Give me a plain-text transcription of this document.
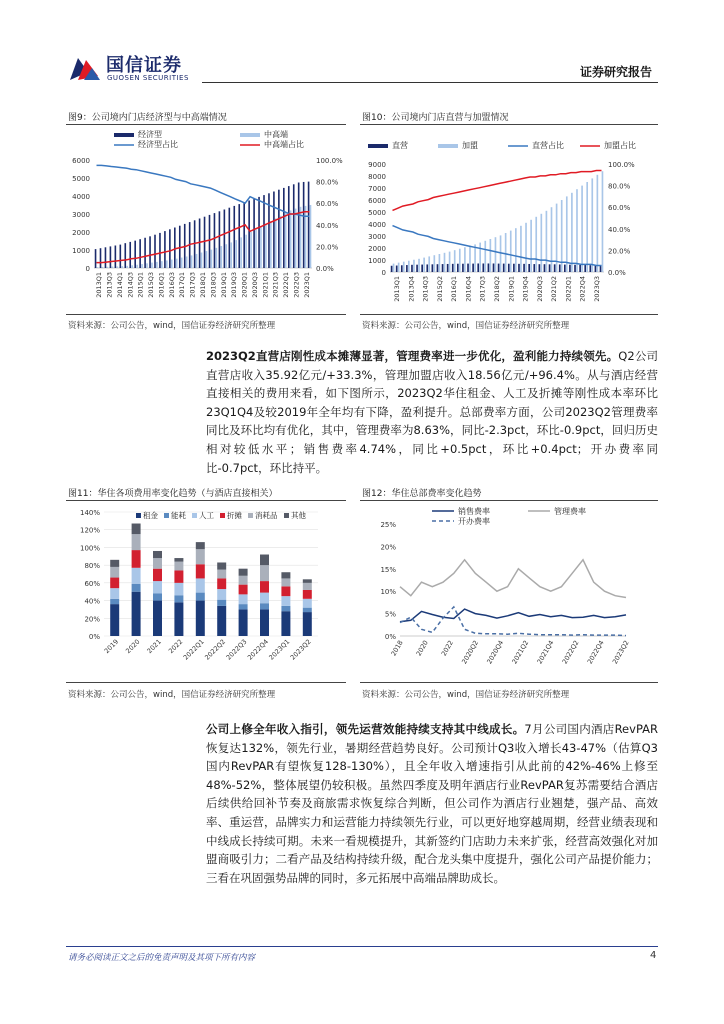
国信证券
GUOSEN SECURITIES	证券研究报告
图9：公司境内门店经济型与中高端情况
0
1000
2000
3000
4000
5000
6000
0.0%
20.0%
40.0%
60.0%
80.0%
100.0%
2013Q1 2013Q3 2014Q1 2014Q3 2015Q1 2015Q3 2016Q1 2016Q3 2017Q1 2017Q3 2018Q1 2018Q3 2019Q1 2019Q3 2020Q1 2020Q3 2021Q1 2021Q3 2022Q1 2022Q3 2023Q1
经济型	中高端
经济型占比	中高端占比
资料来源：公司公告，wind，国信证券经济研究所整理
图10：公司境内门店直营与加盟情况
0
1000
2000
3000
4000
5000
6000
7000
8000
9000
0.0%
20.0%
40.0%
60.0%
80.0%
100.0%
2013Q1 2013Q4 2014Q3 2015Q2 2016Q1 2016Q4 2017Q3 2018Q2 2019Q1 2019Q4 2020Q3 2021Q2 2022Q1 2022Q4 2023Q3
直营	加盟	直营占比	加盟占比
资料来源：公司公告，wind，国信证券经济研究所整理
2023Q2直营店刚性成本摊薄显著，管理费率进一步优化，盈利能力持续领先。Q2公司直营店收入35.92亿元/+33.3%，管理加盟店收入18.56亿元/+96.4%。从与酒店经营直接相关的费用来看，如下图所示，2023Q2华住租金、人工及折摊等刚性成本率环比23Q1Q4及较2019年全年均有下降，盈利提升。总部费率方面，公司2023Q2管理费率同比及环比均有优化，其中，管理费率为8.63%，同比-2.3pct，环比-0.9pct，回归历史相对较低水平；销售费率4.74%，同比+0.5pct，环比+0.4pct；开办费率同比-0.7pct，环比持平。
图11：华住各项费用率变化趋势（与酒店直接相关）
0%
20%
40%
60%
80%
100%
120%
140%
2019 2020 2021 2022
2022Q1
2022Q2
2022Q3
2022Q4
2023Q1
2023Q2
租金 能耗 人工 折摊 消耗品 其他
资料来源：公司公告，wind，国信证券经济研究所整理
图12：华住总部费率变化趋势
0%
5%
10%
15%
20%
25%
2018 2020 2022 2020Q2 2020Q4 2021Q2 2021Q4 2022Q2 2022Q4 2023Q2
销售费率	管理费率
开办费率
资料来源：公司公告，wind，国信证券经济研究所整理
公司上修全年收入指引，领先运营效能持续支持其中线成长。7月公司国内酒店RevPAR恢复达132%，领先行业，暑期经营趋势良好。公司预计Q3收入增长43-47%（估算Q3国内RevPAR有望恢复128-130%），且全年收入增速指引从此前的42%-46%上修至48%-52%，整体展望仍较积极。虽然四季度及明年酒店行业RevPAR复苏需要结合酒店后续供给回补节奏及商旅需求恢复综合判断，但公司作为酒店行业翘楚，强产品、高效率、重运营，品牌实力和运营能力持续领先行业，可以更好地穿越周期，经营业绩表现和中线成长持续可期。未来一看规模提升，其新签约门店助力未来扩张，经营高效强化对加盟商吸引力；二看产品及结构持续升级，配合龙头集中度提升，强化公司产品提价能力；三看在巩固强势品牌的同时，多元拓展中高端品牌助成长。
请务必阅读正文之后的免责声明及其项下所有内容	4
